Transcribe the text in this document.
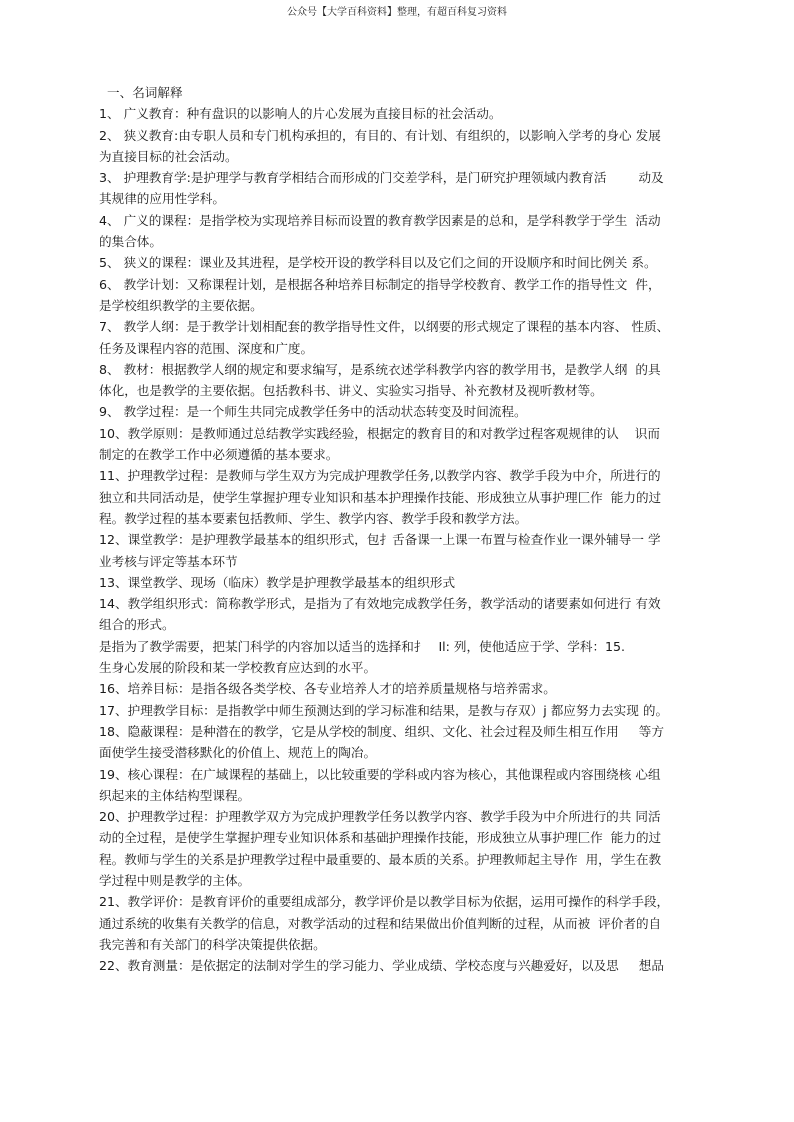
公众号【大学百科资料】整理，有超百科复习资料
一、名词解释
1、 广义教育：种有盘识的以影响人的片心发展为直接目标的社会活动。
2、 狭义教育:由专职人员和专门机构承担的，有目的、有计划、有组织的，以影响入学考的身心 发展
为直接目标的社会活动。
3、 护理教育学:是护理学与教育学相结合而形成的门交差学科，是门研究护理领域内教育活        动及
其规律的应用性学科。
4、 广义的课程：是指学校为实现培养目标而设置的教育教学因素是的总和，是学科教学于学生  活动
的集合体。
5、 狭义的课程：课业及其进程，是学校开设的教学科目以及它们之间的开设顺序和时间比例关 系。
6、 教学计划：又称课程计划，是根据各种培养目标制定的指导学校教育、教学工作的指导性文  件，
是学校组织教学的主要依据。
7、 教学人纲：是于教学计划相配套的教学指导性文件，以纲要的形式规定了课程的基本内容、 性质、
任务及课程内容的范围、深度和广度。
8、 教材：根据教学人纲的规定和要求编写，是系统衣述学科教学内容的教学用书，是教学人纲  的具
体化，也是教学的主要依据。包括教科书、讲义、实验实习指导、补充教材及视听教材等。
9、 教学过程：是一个师生共同完成教学任务中的活动状态转变及时间流程。
10、教学原则：是教师通过总结教学实践经验，根据定的教育目的和对教学过程客观规律的认    识而
制定的在教学工作中必须遵循的基本要求。
11、护理教学过程：是教师与学生双方为完成护理教学任务,以教学内容、教学手段为中介，所进行的
独立和共同活动是，使学生掌握护理专业知识和基本护理操作技能、形成独立从事护理匚作  能力的过
程。教学过程的基本要素包括教师、学生、教学内容、教学手段和教学方法。
12、课堂教学：是护理教学最基本的组织形式，包扌舌备课一上课一布置与检查作业一课外辅导一 学
业考核与评定等基本环节
13、课堂教学、现场（临床）教学是护理教学最基本的组织形式
14、教学组织形式：简称教学形式，是指为了有效地完成教学任务，教学活动的诸要素如何进行 有效
组合的形式。
是指为了教学需要，把某门科学的内容加以适当的选择和扌   Il: 列，使他适应于学、学科：15.
生身心发展的阶段和某一学校教育应达到的水平。
16、培养目标：是指各级各类学校、各专业培养人才的培养质量规格与培养需求。
17、护理教学目标：是指教学中师生预测达到的学习标准和结果，是教与存双）j 都应努力去实现 的。
18、隐蔽课程：是种潜在的教学，它是从学校的制度、组织、文化、社会过程及师生相互作用     等方
面使学生接受潜移默化的价值上、规范上的陶冶。
19、核心课程：在广域课程的基础上，以比较重要的学科或内容为核心，其他课程或内容围绕核 心组
织起来的主体结构型课程。
20、护理教学过程：护理教学双方为完成护理教学任务以教学内容、教学手段为中介所进行的共 同活
动的全过程，是使学生掌握护理专业知识体系和基础护理操作技能，形成独立从事护理匚作  能力的过
程。教师与学生的关系是护理教学过程中最重要的、最本质的关系。护理教师起主导作  用，学生在教
学过程中则是教学的主体。
21、教学评价：是教育评价的重要组成部分，教学评价是以教学目标为依据，运用可操作的科学手段，
通过系统的收集有关教学的信息，对教学活动的过程和结果做出价值判断的过程，从而被  评价者的自
我完善和有关部门的科学决策提供依据。
22、教育测量：是依据定的法制对学生的学习能力、学业成绩、学校态度与兴趣爱好，以及思     想品
